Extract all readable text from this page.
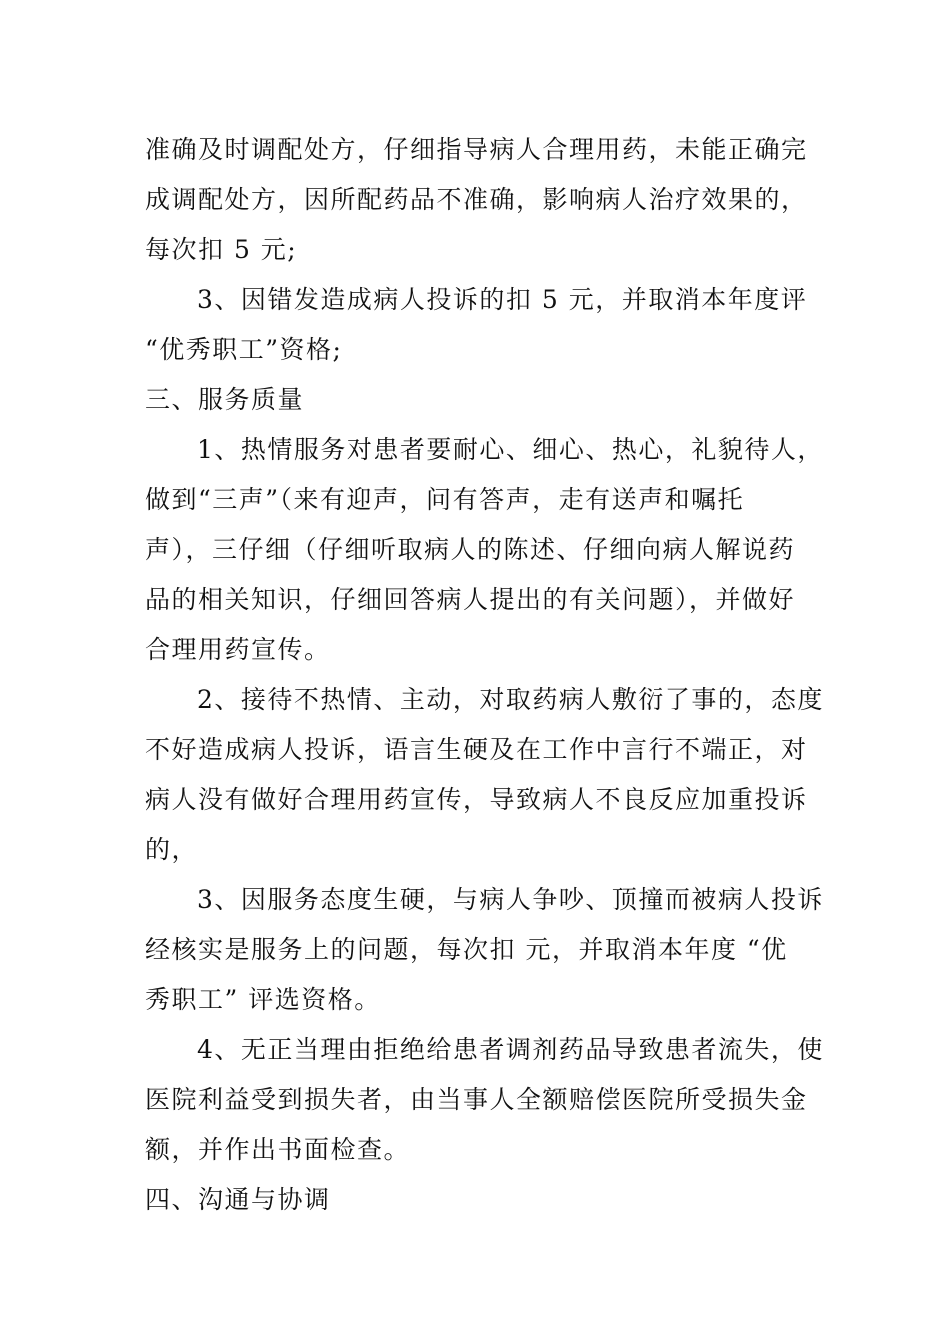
准确及时调配处方，仔细指导病人合理用药，未能正确完
成调配处方，因所配药品不准确，影响病人治疗效果的，
每次扣 5 元;
3、因错发造成病人投诉的扣 5 元，并取消本年度评
“优秀职工”资格;
三、服务质量
1、热情服务对患者要耐心、细心、热心，礼貌待人，
做到“三声”（来有迎声，问有答声，走有送声和嘱托
声），三仔细（仔细听取病人的陈述、仔细向病人解说药
品的相关知识，仔细回答病人提出的有关问题），并做好
合理用药宣传。
2、接待不热情、主动，对取药病人敷衍了事的，态度
不好造成病人投诉，语言生硬及在工作中言行不端正，对
病人没有做好合理用药宣传，导致病人不良反应加重投诉
的，
3、因服务态度生硬，与病人争吵、顶撞而被病人投诉
经核实是服务上的问题，每次扣 元，并取消本年度 “优
秀职工” 评选资格。
4、无正当理由拒绝给患者调剂药品导致患者流失，使
医院利益受到损失者，由当事人全额赔偿医院所受损失金
额，并作出书面检查。
四、沟通与协调
